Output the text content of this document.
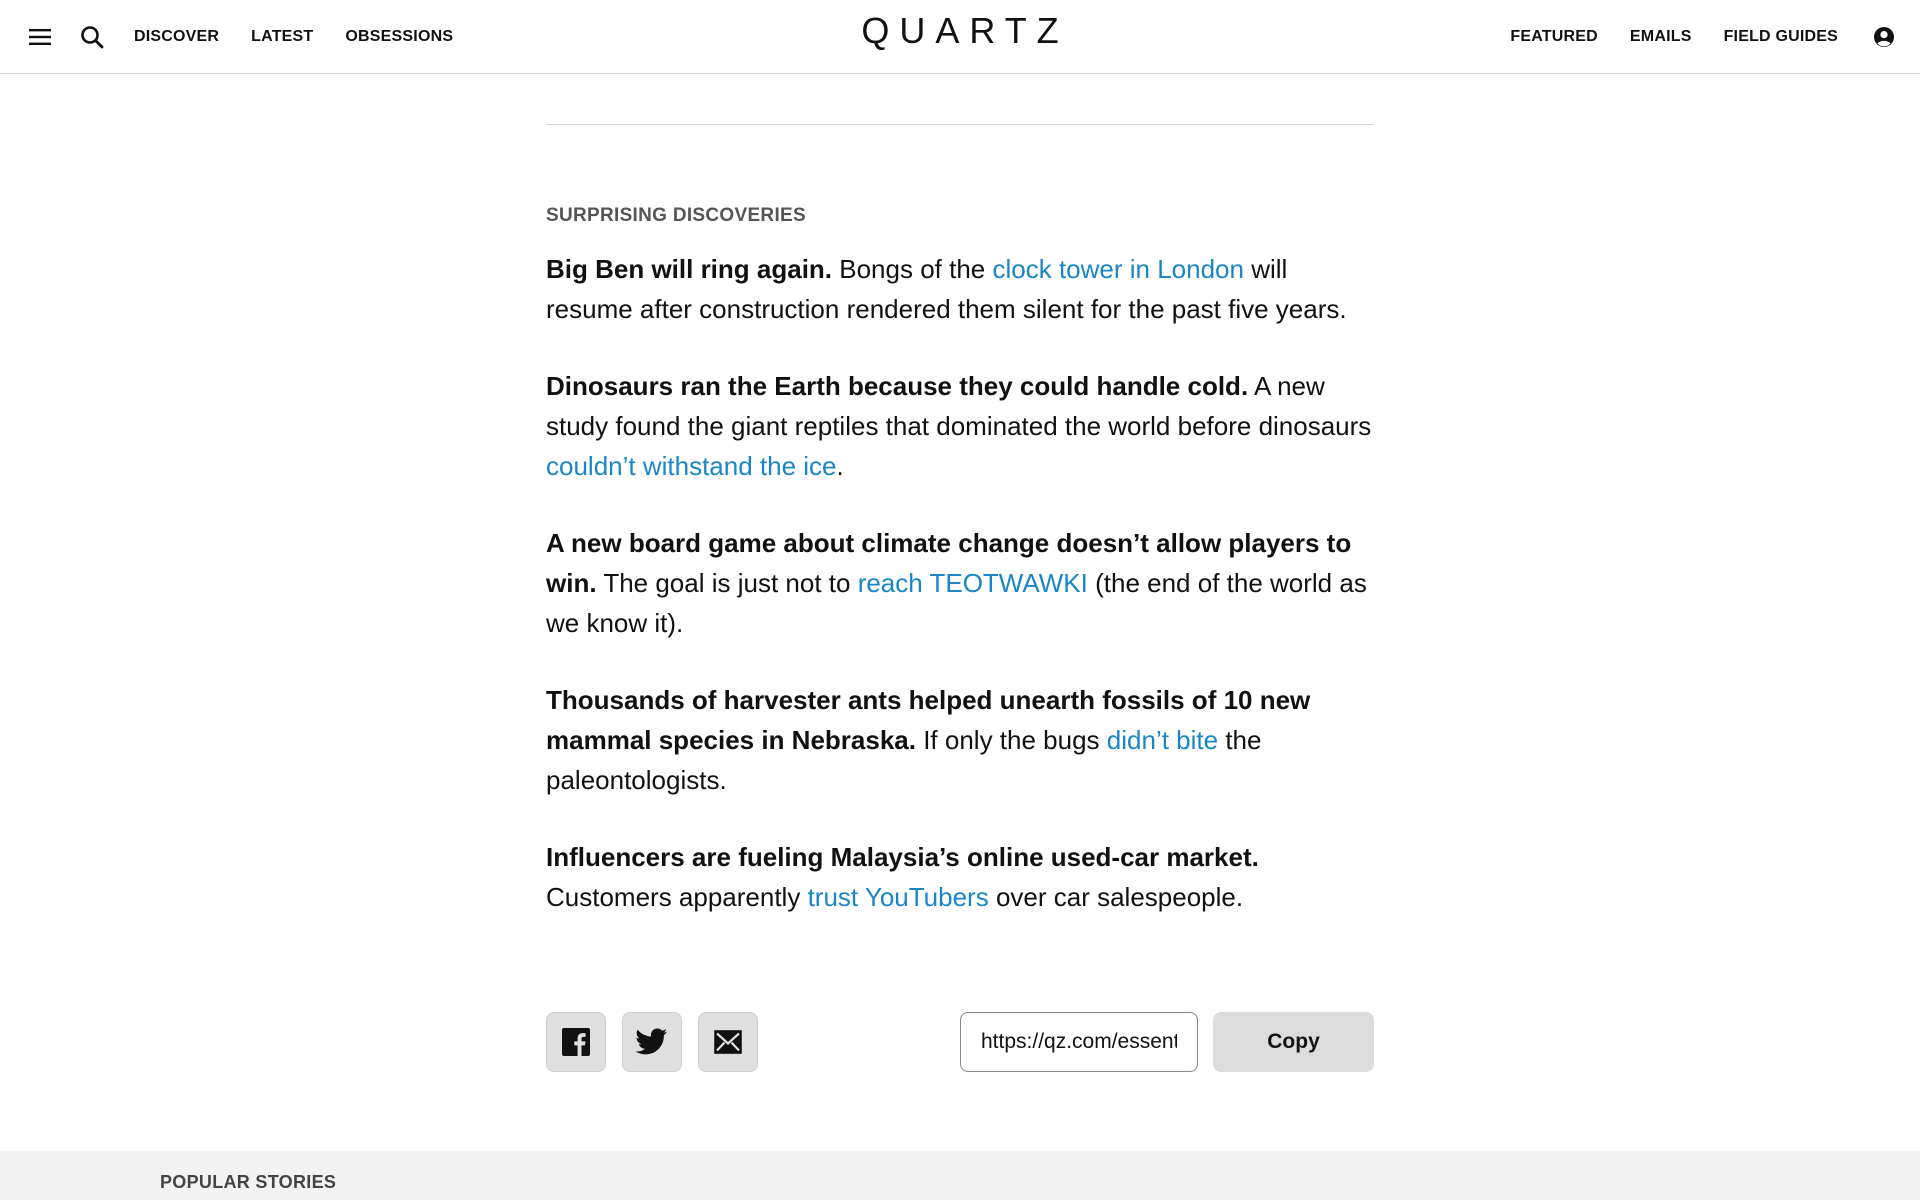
DISCOVER LATEST OBSESSIONS	QUARTZ	FEATURED EMAILS FIELD GUIDES
SURPRISING DISCOVERIES

Big Ben will ring again. Bongs of the clock tower in London will resume after construction rendered them silent for the past five years.

Dinosaurs ran the Earth because they could handle cold. A new study found the giant reptiles that dominated the world before dinosaurs couldn’t withstand the ice.

A new board game about climate change doesn’t allow players to win. The goal is just not to reach TEOTWAWKI (the end of the world as we know it).

Thousands of harvester ants helped unearth fossils of 10 new mammal species in Nebraska. If only the bugs didn’t bite the paleontologists.

Influencers are fueling Malaysia’s online used-car market. Customers apparently trust YouTubers over car salespeople.

https://qz.com/essential
Copy
POPULAR STORIES
